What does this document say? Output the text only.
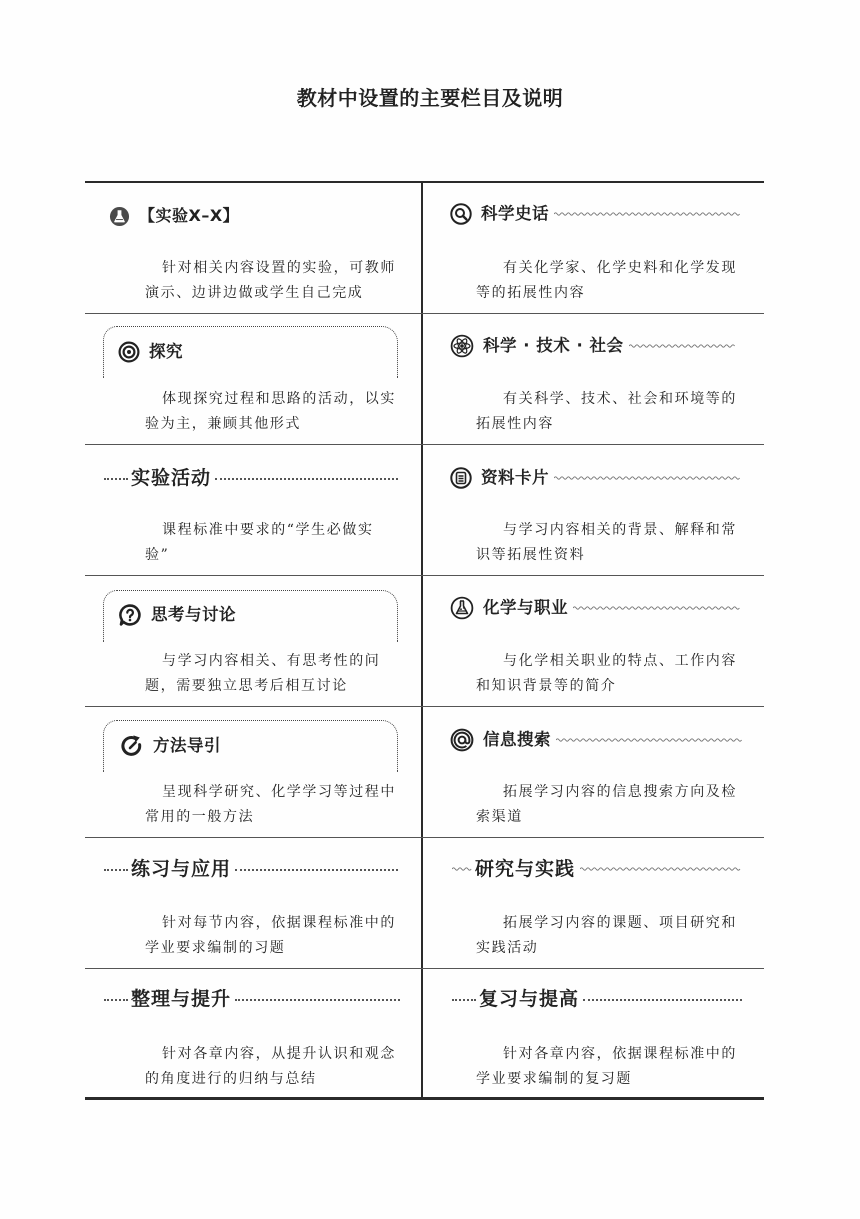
教材中设置的主要栏目及说明
【实验X–X】
针对相关内容设置的实验，可教师
演示、边讲边做或学生自己完成
探究
体现探究过程和思路的活动，以实
验为主，兼顾其他形式
实验活动
课程标准中要求的“学生必做实
验”
思考与讨论
与学习内容相关、有思考性的问
题，需要独立思考后相互讨论
方法导引
呈现科学研究、化学学习等过程中
常用的一般方法
练习与应用
针对每节内容，依据课程标准中的
学业要求编制的习题
整理与提升
针对各章内容，从提升认识和观念
的角度进行的归纳与总结
科学史话
有关化学家、化学史料和化学发现
等的拓展性内容
科学 · 技术 · 社会
有关科学、技术、社会和环境等的
拓展性内容
资料卡片
与学习内容相关的背景、解释和常
识等拓展性资料
化学与职业
与化学相关职业的特点、工作内容
和知识背景等的简介
信息搜索
拓展学习内容的信息搜索方向及检
索渠道
研究与实践
拓展学习内容的课题、项目研究和
实践活动
复习与提高
针对各章内容，依据课程标准中的
学业要求编制的复习题
